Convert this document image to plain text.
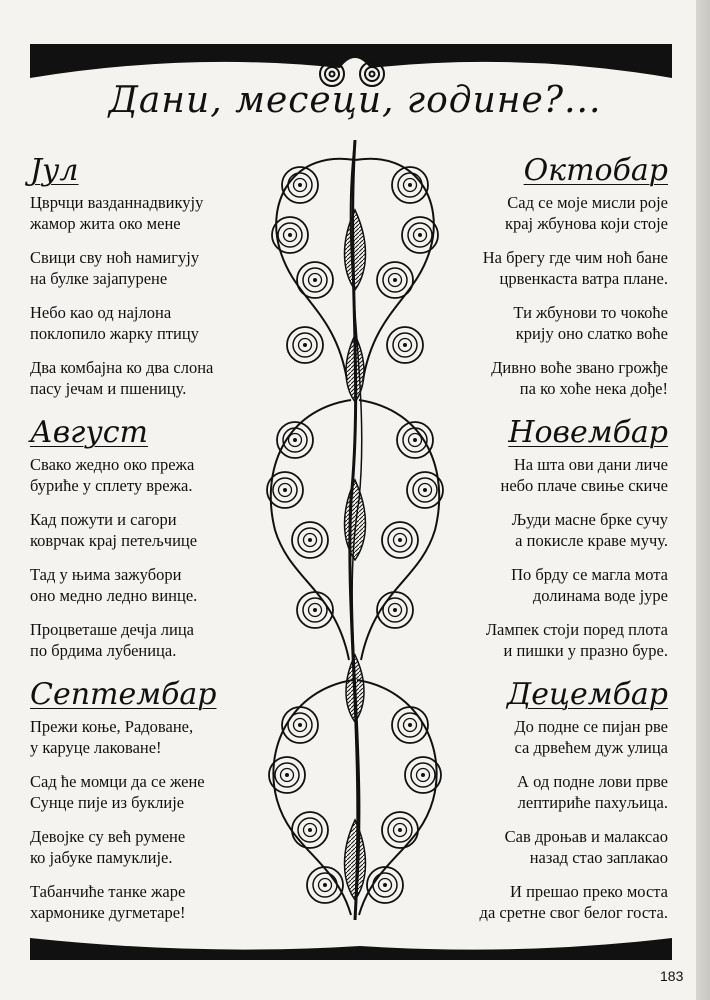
Дани, месеци, године?...
Јул
Цврчци вазданнадвикују
жамор жита око мене
Свици сву ноћ намигују
на булке зајапурене
Небо као од најлона
поклопило жарку птицу
Два комбајна ко два слона
пасу јечам и пшеницу.
Август
Свако жедно око прежа
буриће у сплету врежа.
Кад пожути и сагори
коврчак крај петељчице
Тад у њима зажубори
оно медно ледно винце.
Процветаше дечја лица
по брдима лубеница.
Септембар
Прежи коње, Радоване,
у каруце лаковане!
Сад ће момци да се жене
Сунце пије из буклије
Девојке су већ румене
ко јабуке памуклије.
Табанчиће танке жаре
хармонике дугметаре!
Октобар
Сад се моје мисли роје
крај жбунова који стоје
На брегу где чим ноћ бане
црвенкаста ватра плане.
Ти жбунови то чокоће
крију оно слатко воће
Дивно воће звано грожђе
па ко хоће нека дође!
Новембар
На шта ови дани личе
небо плаче свиње скиче
Људи масне бркe сучу
а покисле краве мучу.
По брду се магла мота
долинама воде јуре
Лампек стоји поред плота
и пишки у празно буре.
Децембар
До подне се пијан рве
са дрвећем дуж улица
А од подне лови прве
лептириће пахуљица.
Сав дроњав и малаксао
назад стао заплакао
И прешао преко моста
да сретне свог белог госта.
183
